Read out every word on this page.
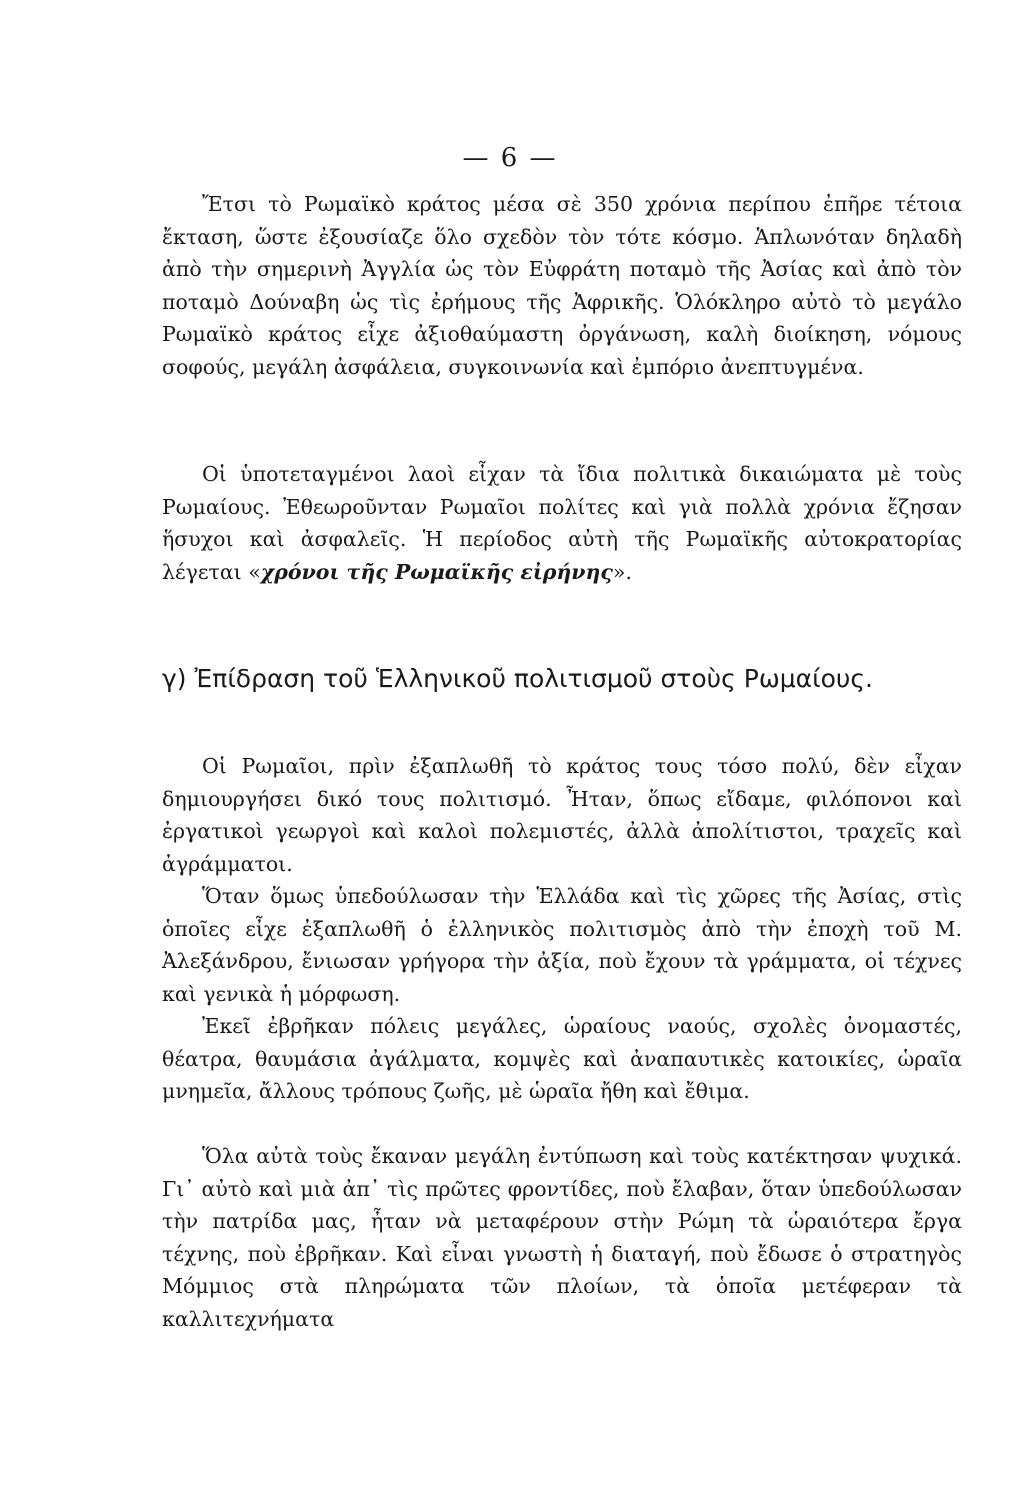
— 6 —

Ἔτσι τὸ Ρωμαϊκὸ κράτος μέσα σὲ 350 χρόνια περίπου ἐπῆρε τέτοια ἔκταση, ὥστε ἐξουσίαζε ὅλο σχεδὸν τὸν τότε κόσμο. Ἁπλωνόταν δηλαδὴ ἀπὸ τὴν σημερινὴ Ἀγγλία ὡς τὸν Εὐφράτη ποταμὸ τῆς Ἀσίας καὶ ἀπὸ τὸν ποταμὸ Δούναβη ὡς τὶς ἐρήμους τῆς Ἀφρικῆς. Ὁλόκληρο αὐτὸ τὸ μεγάλο Ρωμαϊκὸ κράτος εἶχε ἀξιοθαύμαστη ὀργάνωση, καλὴ διοίκηση, νόμους σοφούς, μεγάλη ἀσφάλεια, συγκοινωνία καὶ ἐμπόριο ἀνεπτυγμένα.

Οἱ ὑποτεταγμένοι λαοὶ εἶχαν τὰ ἴδια πολιτικὰ δικαιώματα μὲ τοὺς Ρωμαίους. Ἐθεωροῦνταν Ρωμαῖοι πολίτες καὶ γιὰ πολλὰ χρόνια ἔζησαν ἥσυχοι καὶ ἀσφαλεῖς. Ἡ περίοδος αὐτὴ τῆς Ρωμαϊκῆς αὐτοκρατορίας λέγεται «χρόνοι τῆς Ρωμαϊκῆς εἰρήνης».

γ) Ἐπίδραση τοῦ Ἑλληνικοῦ πολιτισμοῦ στοὺς Ρωμαίους.

Οἱ Ρωμαῖοι, πρὶν ἐξαπλωθῆ τὸ κράτος τους τόσο πολύ, δὲν εἶχαν δημιουργήσει δικό τους πολιτισμό. Ἦταν, ὅπως εἴδαμε, φιλόπονοι καὶ ἐργατικοὶ γεωργοὶ καὶ καλοὶ πολεμιστές, ἀλλὰ ἀπολίτιστοι, τραχεῖς καὶ ἀγράμματοι.

Ὅταν ὅμως ὑπεδούλωσαν τὴν Ἑλλάδα καὶ τὶς χῶρες τῆς Ἀσίας, στὶς ὁποῖες εἶχε ἐξαπλωθῆ ὁ ἑλληνικὸς πολιτισμὸς ἀπὸ τὴν ἐποχὴ τοῦ Μ. Ἀλεξάνδρου, ἔνιωσαν γρήγορα τὴν ἀξία, ποὺ ἔχουν τὰ γράμματα, οἱ τέχνες καὶ γενικὰ ἡ μόρφωση.

Ἐκεῖ ἐβρῆκαν πόλεις μεγάλες, ὡραίους ναούς, σχολὲς ὀνομαστές, θέατρα, θαυμάσια ἀγάλματα, κομψὲς καὶ ἀναπαυτικὲς κατοικίες, ὡραῖα μνημεῖα, ἄλλους τρόπους ζωῆς, μὲ ὡραῖα ἤθη καὶ ἔθιμα.

Ὅλα αὐτὰ τοὺς ἔκαναν μεγάλη ἐντύπωση καὶ τοὺς κατέκτησαν ψυχικά. Γι᾿ αὐτὸ καὶ μιὰ ἀπ᾿ τὶς πρῶτες φροντίδες, ποὺ ἔλαβαν, ὅταν ὑπεδούλωσαν τὴν πατρίδα μας, ἦταν νὰ μεταφέρουν στὴν Ρώμη τὰ ὡραιότερα ἔργα τέχνης, ποὺ ἐβρῆκαν. Καὶ εἶναι γνωστὴ ἡ διαταγή, ποὺ ἔδωσε ὁ στρατηγὸς Μόμμιος στὰ πληρώματα τῶν πλοίων, τὰ ὁποῖα μετέφεραν τὰ καλλιτεχνήματα
